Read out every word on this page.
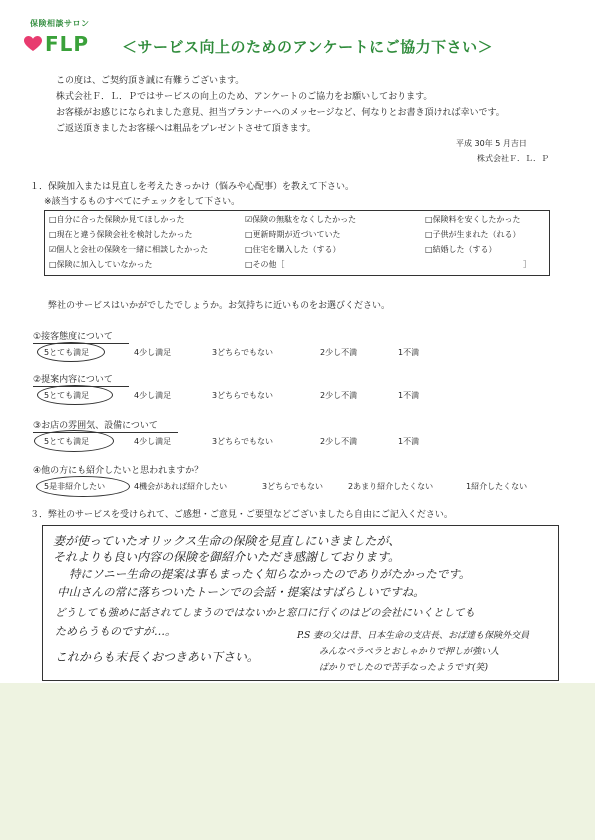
保険相談サロン
FLP ＜サービス向上のためのアンケートにご協力下さい＞
この度は、ご契約頂き誠に有難うございます。
株式会社Ｆ．Ｌ．Ｐではサービスの向上のため、アンケートのご協力をお願いしております。
お客様がお感じになられました意見、担当プランナーへのメッセージなど、何なりとお書き頂ければ幸いです。
ご返送頂きましたお客様へは粗品をプレゼントさせて頂きます。
平成 30年 5 月吉日
株式会社Ｆ．Ｌ．Ｐ
１．保険加入または見直しを考えたきっかけ（悩みや心配事）を教えて下さい。
※該当するものすべてにチェックをして下さい。
□自分に合った保険か見てほしかった	☑保険の無駄をなくしたかった	□保険料を安くしたかった
□現在と違う保険会社を検討したかった	□更新時期が近づいていた	□子供が生まれた（れる）
☑個人と会社の保険を一緒に相談したかった	□住宅を購入した（する）	□結婚した（する）
□保険に加入していなかった	□その他［	］
弊社のサービスはいかがでしたでしょうか。お気持ちに近いものをお選びください。
①接客態度について
5とても満足	4少し満足	3どちらでもない	2少し不満	1不満
②提案内容について
5とても満足	4少し満足	3どちらでもない	2少し不満	1不満
③お店の雰囲気、設備について
5とても満足	4少し満足	3どちらでもない	2少し不満	1不満
④他の方にも紹介したいと思われますか？
5是非紹介したい	4機会があれば紹介したい	3どちらでもない	2あまり紹介したくない	1紹介したくない
３．弊社のサービスを受けられて、ご感想・ご意見・ご要望などございましたら自由にご記入ください。
妻が使っていたオリックス生命の保険を見直しにいきましたが、
それよりも良い内容の保険を御紹介いただき感謝しております。
特にソニー生命の提案は事もまったく知らなかったのでありがたかったです。
中山さんの常に落ちついたトーンでの会話・提案はすばらしいですね。
どうしても強めに話されてしまうのではないかと窓口に行くのはどの会社にいくとしても
ためらうものですが…。
これからも末長くおつきあい下さい。
P.S 妻の父は昔、日本生命の支店長、おば達も保険外交員
みんなペラペラとおしゃかりで押しが強い人
ばかりでしたので苦手なったようです(笑)
